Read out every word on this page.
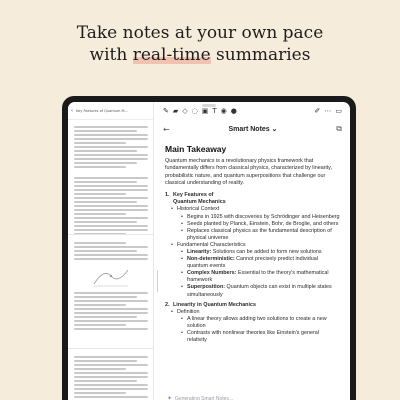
Take notes at your own pace
with real-time summaries
‹ Key Features of Quantum M...
	✎ ▰ ◇ ◌ ▣ T ◉ ●	✐ ⋯ ▭
←	Smart Notes ⌄	⧉
Main Takeaway
Quantum mechanics is a revolutionary physics framework that fundamentally differs from classical physics, characterized by linearity, probabilistic nature, and quantum superpositions that challenge our classical understanding of reality.
1. Key Features of
Quantum Mechanics
• Historical Context
• Begins in 1925 with discoveries by Schrödinger and Heisenberg
• Seeds planted by Planck, Einstein, Bohr, de Broglie, and others
• Replaces classical physics as the fundamental description of physical universe
• Fundamental Characteristics
• Linearity: Solutions can be added to form new solutions
• Non-deterministic: Cannot precisely predict individual quantum events
• Complex Numbers: Essential to the theory's mathematical framework
• Superposition: Quantum objects can exist in multiple states simultaneously
2. Linearity in Quantum Mechanics
• Definition
• A linear theory allows adding two solutions to create a new solution
• Contrasts with nonlinear theories like Einstein's general relativity
✦ Generating Smart Notes...
